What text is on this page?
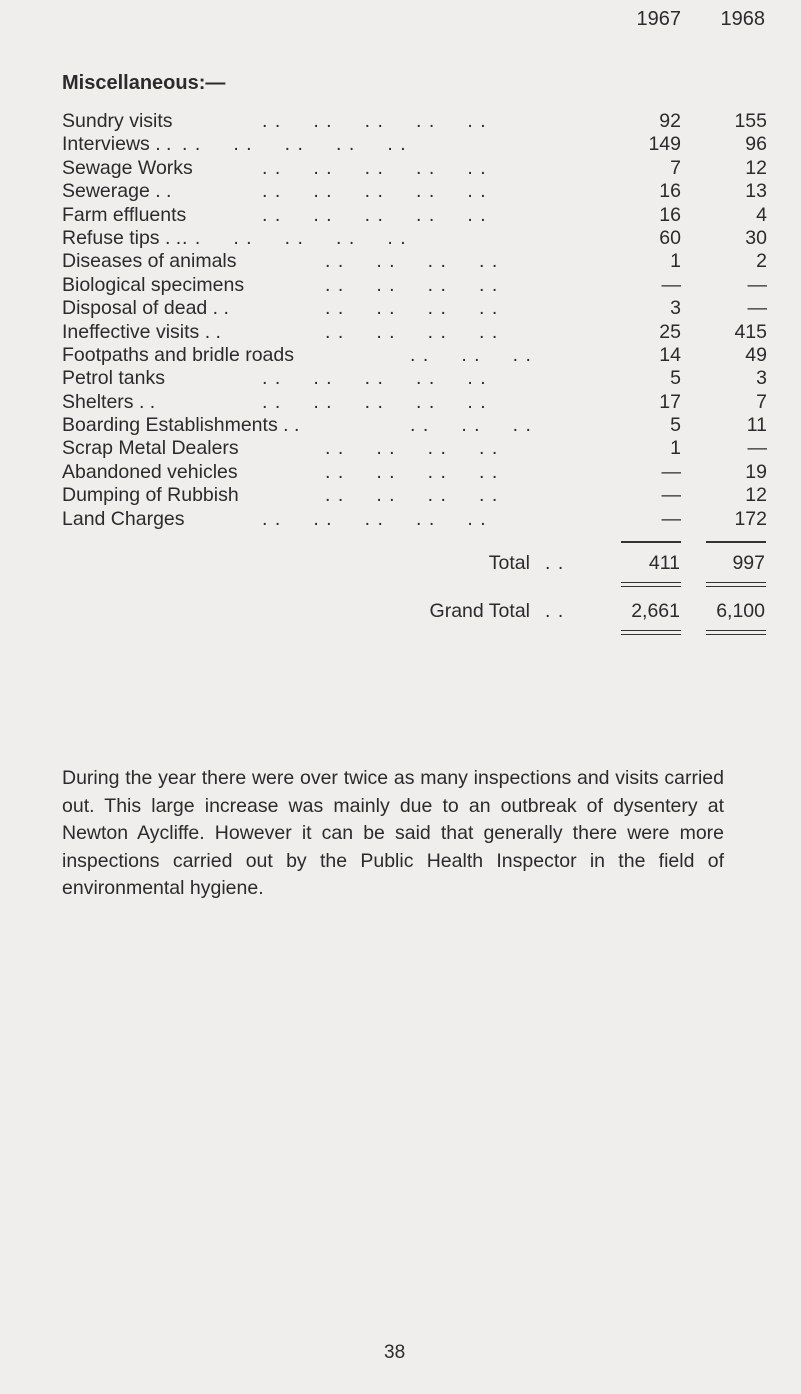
1967	1968
Miscellaneous:—
Sundry visits	. .     . .     . .     . .     . .	92	155
Interviews . . . .     . .     . .     . .     . .	149	96
Sewage Works	. .     . .     . .     . .     . .	7	12
Sewerage . .	. .     . .     . .     . .     . .	16	13
Farm effluents	. .     . .     . .     . .     . .	16	4
Refuse tips . . . .     . .     . .     . .     . .	60	30
Diseases of animals	. .     . .     . .     . .	1	2
Biological specimens	. .     . .     . .     . .	—	—
Disposal of dead . .	. .     . .     . .     . .	3	—
Ineffective visits . .	. .     . .     . .     . .	25	415
Footpaths and bridle roads	. .     . .     . .	14	49
Petrol tanks	. .     . .     . .     . .     . .	5	3
Shelters . .	. .     . .     . .     . .     . .	17	7
Boarding Establishments . .	. .     . .     . .	5	11
Scrap Metal Dealers	. .     . .     . .     . .	1	—
Abandoned vehicles	. .     . .     . .     . .	—	19
Dumping of Rubbish	. .     . .     . .     . .	—	12
Land Charges	. .     . .     . .     . .     . .	—	172
Total . .	411	997
Grand Total . .	2,661	6,100
During the year there were over twice as many inspections and visits carried out. This large increase was mainly due to an outbreak of dysentery at Newton Aycliffe. However it can be said that generally there were more inspections carried out by the Public Health Inspector in the field of environmental hygiene.
38
